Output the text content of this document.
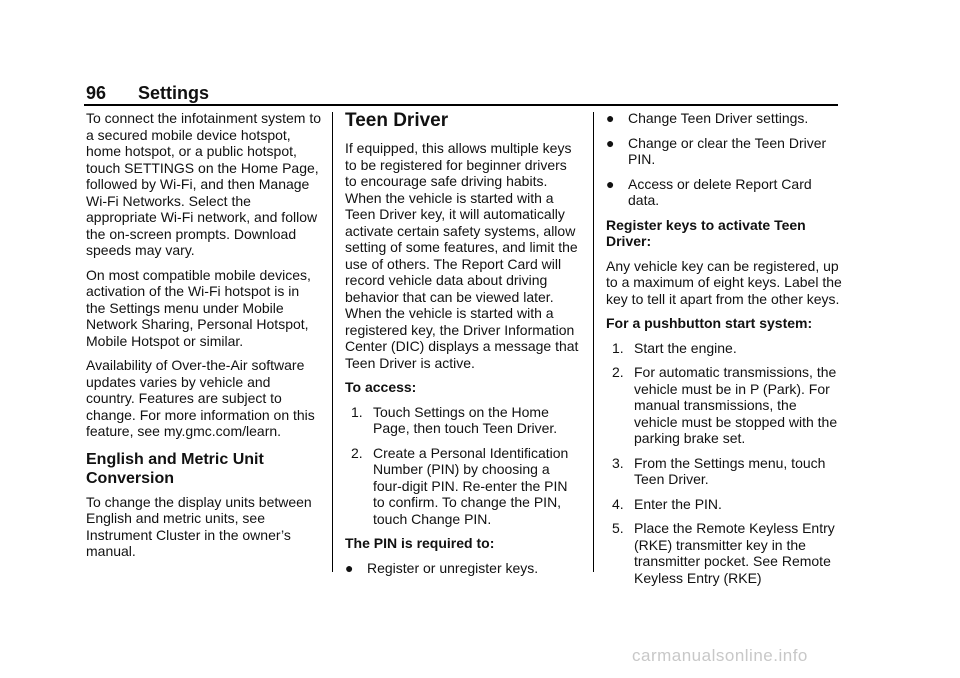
96 Settings

To connect the infotainment system to a secured mobile device hotspot, home hotspot, or a public hotspot, touch SETTINGS on the Home Page, followed by Wi-Fi, and then Manage Wi-Fi Networks. Select the appropriate Wi-Fi network, and follow the on-screen prompts. Download speeds may vary.

On most compatible mobile devices, activation of the Wi-Fi hotspot is in the Settings menu under Mobile Network Sharing, Personal Hotspot, Mobile Hotspot or similar.

Availability of Over-the-Air software updates varies by vehicle and country. Features are subject to change. For more information on this feature, see my.gmc.com/learn.

English and Metric Unit Conversion

To change the display units between English and metric units, see Instrument Cluster in the owner’s manual.

Teen Driver

If equipped, this allows multiple keys to be registered for beginner drivers to encourage safe driving habits. When the vehicle is started with a Teen Driver key, it will automatically activate certain safety systems, allow setting of some features, and limit the use of others. The Report Card will record vehicle data about driving behavior that can be viewed later. When the vehicle is started with a registered key, the Driver Information Center (DIC) displays a message that Teen Driver is active.

To access:

1. Touch Settings on the Home Page, then touch Teen Driver.
2. Create a Personal Identification Number (PIN) by choosing a four-digit PIN. Re-enter the PIN to confirm. To change the PIN, touch Change PIN.

The PIN is required to:

● Register or unregister keys.
● Change Teen Driver settings.
● Change or clear the Teen Driver PIN.
● Access or delete Report Card data.

Register keys to activate Teen Driver:

Any vehicle key can be registered, up to a maximum of eight keys. Label the key to tell it apart from the other keys.

For a pushbutton start system:

1. Start the engine.
2. For automatic transmissions, the vehicle must be in P (Park). For manual transmissions, the vehicle must be stopped with the parking brake set.
3. From the Settings menu, touch Teen Driver.
4. Enter the PIN.
5. Place the Remote Keyless Entry (RKE) transmitter key in the transmitter pocket. See Remote Keyless Entry (RKE)
carmanualsonline.info
